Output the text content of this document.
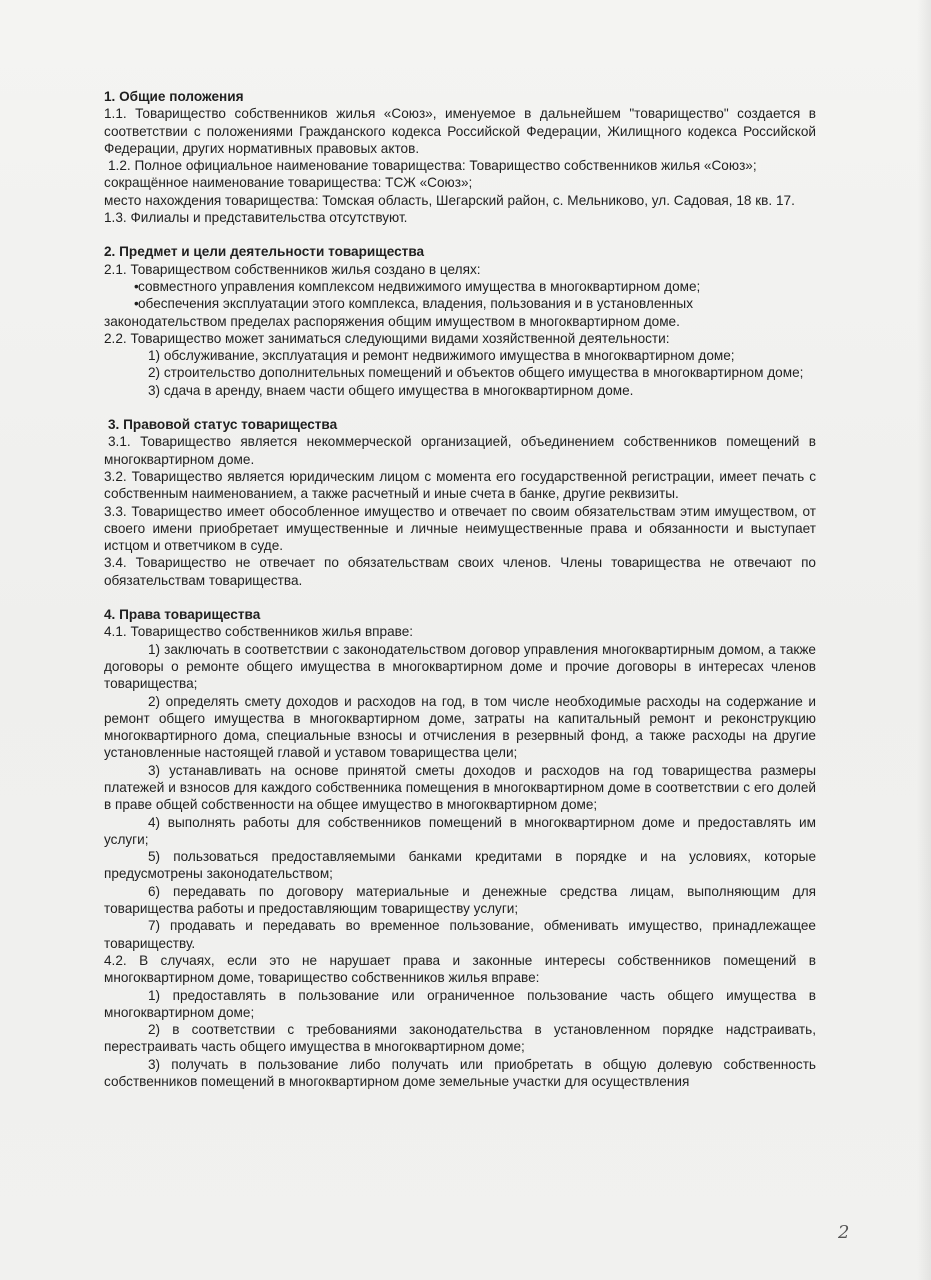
1. Общие положения

1.1. Товарищество собственников жилья «Союз», именуемое в дальнейшем "товарищество" создается в соответствии с положениями Гражданского кодекса Российской Федерации, Жилищного кодекса Российской Федерации, других нормативных правовых актов.

1.2. Полное официальное наименование товарищества: Товарищество собственников жилья «Союз»;

сокращённое наименование товарищества: ТСЖ «Союз»;

место нахождения товарищества: Томская область, Шегарский район, с. Мельниково, ул. Садовая, 18 кв. 17.

1.3. Филиалы и представительства отсутствуют.

2. Предмет и цели деятельности товарищества

2.1. Товариществом собственников жилья создано в целях:

• совместного управления комплексом недвижимого имущества в многоквартирном доме;

• обеспечения эксплуатации этого комплекса, владения, пользования и в установленных

законодательством пределах распоряжения общим имуществом в многоквартирном доме.

2.2. Товарищество может заниматься следующими видами хозяйственной деятельности:

1) обслуживание, эксплуатация и ремонт недвижимого имущества в многоквартирном доме;

2) строительство дополнительных помещений и объектов общего имущества в многоквартирном доме;

3) сдача в аренду, внаем части общего имущества в многоквартирном доме.

3. Правовой статус товарищества

3.1. Товарищество является некоммерческой организацией, объединением собственников помещений в многоквартирном доме.

3.2. Товарищество является юридическим лицом с момента его государственной регистрации, имеет печать с собственным наименованием, а также расчетный и иные счета в банке, другие реквизиты.

3.3. Товарищество имеет обособленное имущество и отвечает по своим обязательствам этим имуществом, от своего имени приобретает имущественные и личные неимущественные права и обязанности и выступает истцом и ответчиком в суде.

3.4. Товарищество не отвечает по обязательствам своих членов. Члены товарищества не отвечают по обязательствам товарищества.

4. Права товарищества

4.1. Товарищество собственников жилья вправе:

1) заключать в соответствии с законодательством договор управления многоквартирным домом, а также договоры о ремонте общего имущества в многоквартирном доме и прочие договоры в интересах членов товарищества;

2) определять смету доходов и расходов на год, в том числе необходимые расходы на содержание и ремонт общего имущества в многоквартирном доме, затраты на капитальный ремонт и реконструкцию многоквартирного дома, специальные взносы и отчисления в резервный фонд, а также расходы на другие установленные настоящей главой и уставом товарищества цели;

3) устанавливать на основе принятой сметы доходов и расходов на год товарищества размеры платежей и взносов для каждого собственника помещения в многоквартирном доме в соответствии с его долей в праве общей собственности на общее имущество в многоквартирном доме;

4) выполнять работы для собственников помещений в многоквартирном доме и предоставлять им услуги;

5) пользоваться предоставляемыми банками кредитами в порядке и на условиях, которые предусмотрены законодательством;

6) передавать по договору материальные и денежные средства лицам, выполняющим для товарищества работы и предоставляющим товариществу услуги;

7) продавать и передавать во временное пользование, обменивать имущество, принадлежащее товариществу.

4.2. В случаях, если это не нарушает права и законные интересы собственников помещений в многоквартирном доме, товарищество собственников жилья вправе:

1) предоставлять в пользование или ограниченное пользование часть общего имущества в многоквартирном доме;

2) в соответствии с требованиями законодательства в установленном порядке надстраивать, перестраивать часть общего имущества в многоквартирном доме;

3) получать в пользование либо получать или приобретать в общую долевую собственность собственников помещений в многоквартирном доме земельные участки для осуществления

2
